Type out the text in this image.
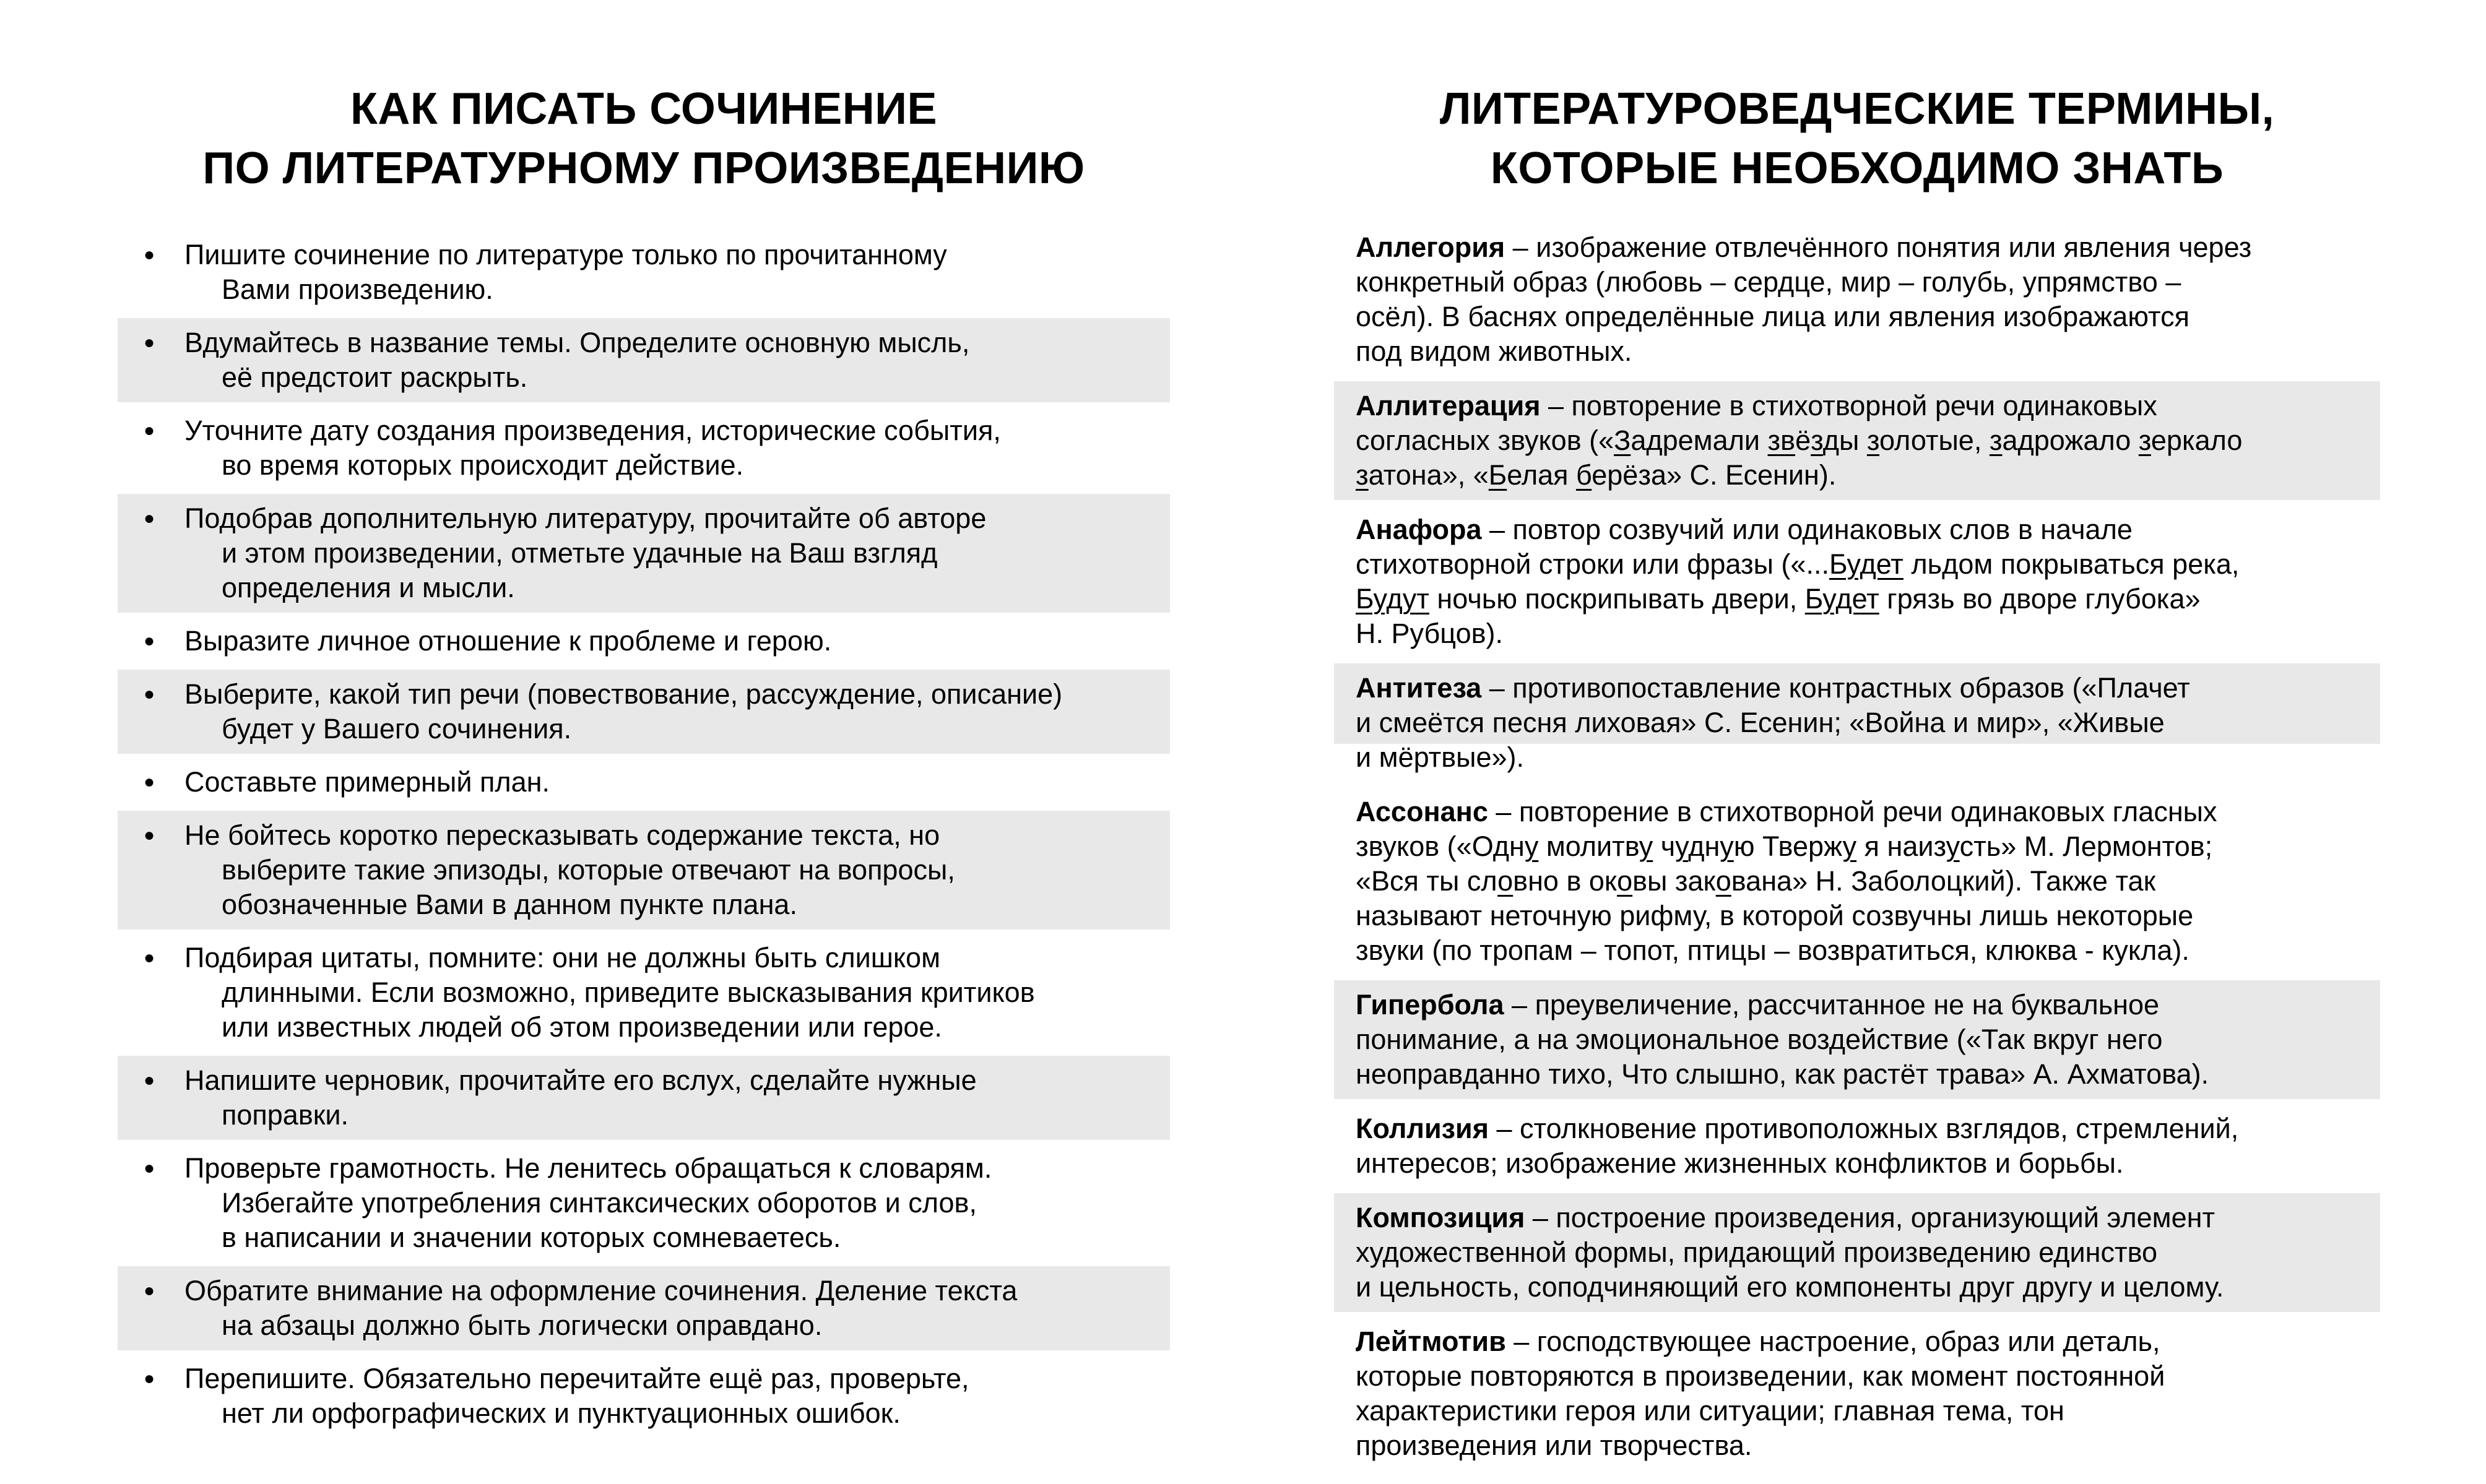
КАК ПИСАТЬ СОЧИНЕНИЕ
ПО ЛИТЕРАТУРНОМУ ПРОИЗВЕДЕНИЮ
●	Пишите сочинение по литературе только по прочитанному
Вами произведению.
●	Вдумайтесь в название темы. Определите основную мысль,
её предстоит раскрыть.
●	Уточните дату создания произведения, исторические события,
во время которых происходит действие.
●	Подобрав дополнительную литературу, прочитайте об авторе
и этом произведении, отметьте удачные на Ваш взгляд
определения и мысли.
●	Выразите личное отношение к проблеме и герою.
●	Выберите, какой тип речи (повествование, рассуждение, описание)
будет у Вашего сочинения.
●	Составьте примерный план.
●	Не бойтесь коротко пересказывать содержание текста, но
выберите такие эпизоды, которые отвечают на вопросы,
обозначенные Вами в данном пункте плана.
●	Подбирая цитаты, помните: они не должны быть слишком
длинными. Если возможно, приведите высказывания критиков
или известных людей об этом произведении или герое.
●	Напишите черновик, прочитайте его вслух, сделайте нужные
поправки.
●	Проверьте грамотность. Не ленитесь обращаться к словарям.
Избегайте употребления синтаксических оборотов и слов,
в написании и значении которых сомневаетесь.
●	Обратите внимание на оформление сочинения. Деление текста
на абзацы должно быть логически оправдано.
●	Перепишите. Обязательно перечитайте ещё раз, проверьте,
нет ли орфографических и пунктуационных ошибок.
ЛИТЕРАТУРОВЕДЧЕСКИЕ ТЕРМИНЫ,
КОТОРЫЕ НЕОБХОДИМО ЗНАТЬ
Аллегория – изображение отвлечённого понятия или явления через
конкретный образ (любовь – сердце, мир – голубь, упрямство –
осёл). В баснях определённые лица или явления изображаются
под видом животных.
Аллитерация – повторение в стихотворной речи одинаковых
согласных звуков («Задремали звёзды золотые, задрожало зеркало
затона», «Белая берёза» С. Есенин).
Анафора – повтор созвучий или одинаковых слов в начале
стихотворной строки или фразы («...Будет льдом покрываться река,
Будут ночью поскрипывать двери, Будет грязь во дворе глубока»
Н. Рубцов).
Антитеза – противопоставление контрастных образов («Плачет
и смеётся песня лиховая» С. Есенин; «Война и мир», «Живые
и мёртвые»).
Ассонанс – повторение в стихотворной речи одинаковых гласных
звуков («Одну молитву чудную Твержу я наизусть» М. Лермонтов;
«Вся ты словно в оковы закована» Н. Заболоцкий). Также так
называют неточную рифму, в которой созвучны лишь некоторые
звуки (по тропам – топот, птицы – возвратиться, клюква - кукла).
Гипербола – преувеличение, рассчитанное не на буквальное
понимание, а на эмоциональное воздействие («Так вкруг него
неоправданно тихо, Что слышно, как растёт трава» А. Ахматова).
Коллизия – столкновение противоположных взглядов, стремлений,
интересов; изображение жизненных конфликтов и борьбы.
Композиция – построение произведения, организующий элемент
художественной формы, придающий произведению единство
и цельность, соподчиняющий его компоненты друг другу и целому.
Лейтмотив – господствующее настроение, образ или деталь,
которые повторяются в произведении, как момент постоянной
характеристики героя или ситуации; главная тема, тон
произведения или творчества.
